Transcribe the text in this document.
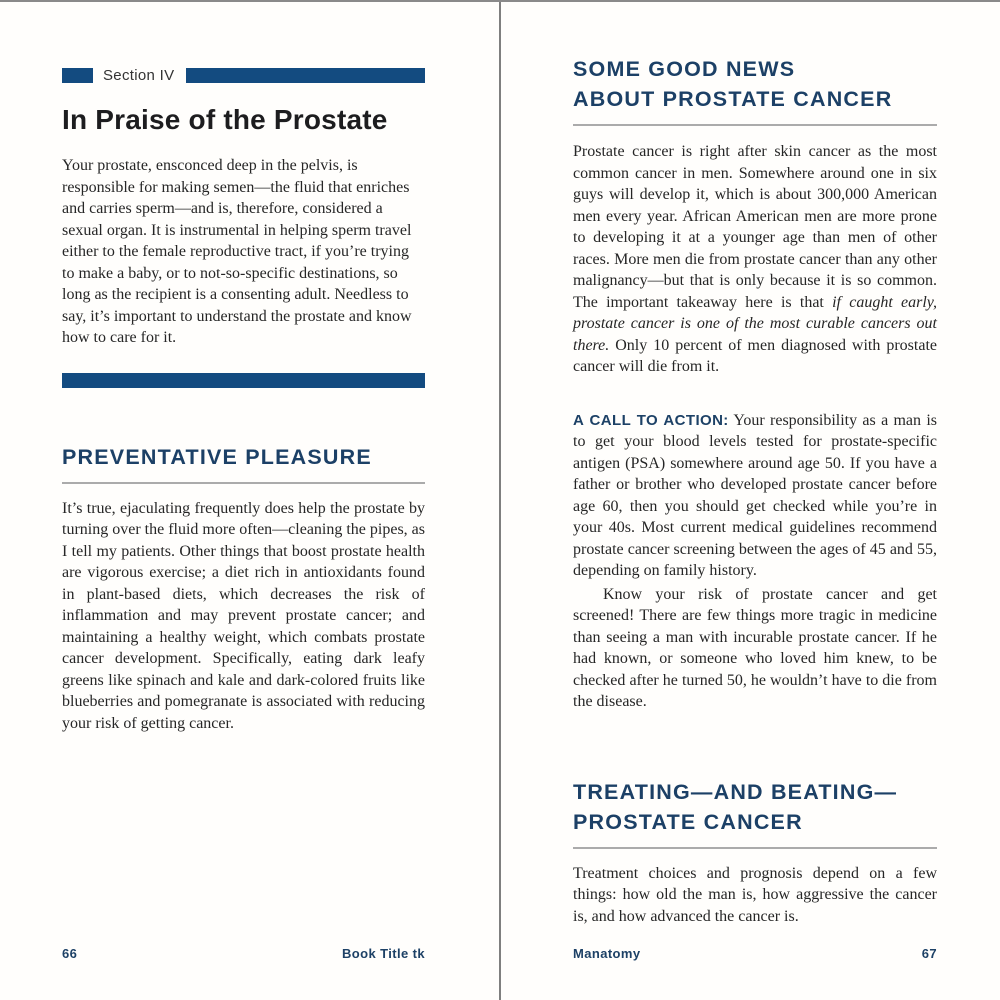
Section IV
In Praise of the Prostate

Your prostate, ensconced deep in the pelvis, is responsible for making semen—the fluid that enriches and carries sperm—and is, therefore, considered a sexual organ. It is instrumental in helping sperm travel either to the female reproductive tract, if you’re trying to make a baby, or to not-so-specific destinations, so long as the recipient is a consenting adult. Needless to say, it’s important to understand the prostate and know how to care for it.

PREVENTATIVE PLEASURE

It’s true, ejaculating frequently does help the prostate by turning over the fluid more often—cleaning the pipes, as I tell my patients. Other things that boost prostate health are vigorous exercise; a diet rich in antioxidants found in plant-based diets, which decreases the risk of inflammation and may prevent prostate cancer; and maintaining a healthy weight, which combats prostate cancer development. Specifically, eating dark leafy greens like spinach and kale and dark-colored fruits like blueberries and pomegranate is associated with reducing your risk of getting cancer.

66	Book Title tk
SOME GOOD NEWS
ABOUT PROSTATE CANCER

Prostate cancer is right after skin cancer as the most common cancer in men. Somewhere around one in six guys will develop it, which is about 300,000 American men every year. African American men are more prone to developing it at a younger age than men of other races. More men die from prostate cancer than any other malignancy—but that is only because it is so common. The important takeaway here is that if caught early, prostate cancer is one of the most curable cancers out there. Only 10 percent of men diagnosed with prostate cancer will die from it.

A CALL TO ACTION: Your responsibility as a man is to get your blood levels tested for prostate-specific antigen (PSA) somewhere around age 50. If you have a father or brother who developed prostate cancer before age 60, then you should get checked while you’re in your 40s. Most current medical guidelines recommend prostate cancer screening between the ages of 45 and 55, depending on family history.

Know your risk of prostate cancer and get screened! There are few things more tragic in medicine than seeing a man with incurable prostate cancer. If he had known, or someone who loved him knew, to be checked after he turned 50, he wouldn’t have to die from the disease.

TREATING—AND BEATING—
PROSTATE CANCER

Treatment choices and prognosis depend on a few things: how old the man is, how aggressive the cancer is, and how advanced the cancer is.

Manatomy	67
